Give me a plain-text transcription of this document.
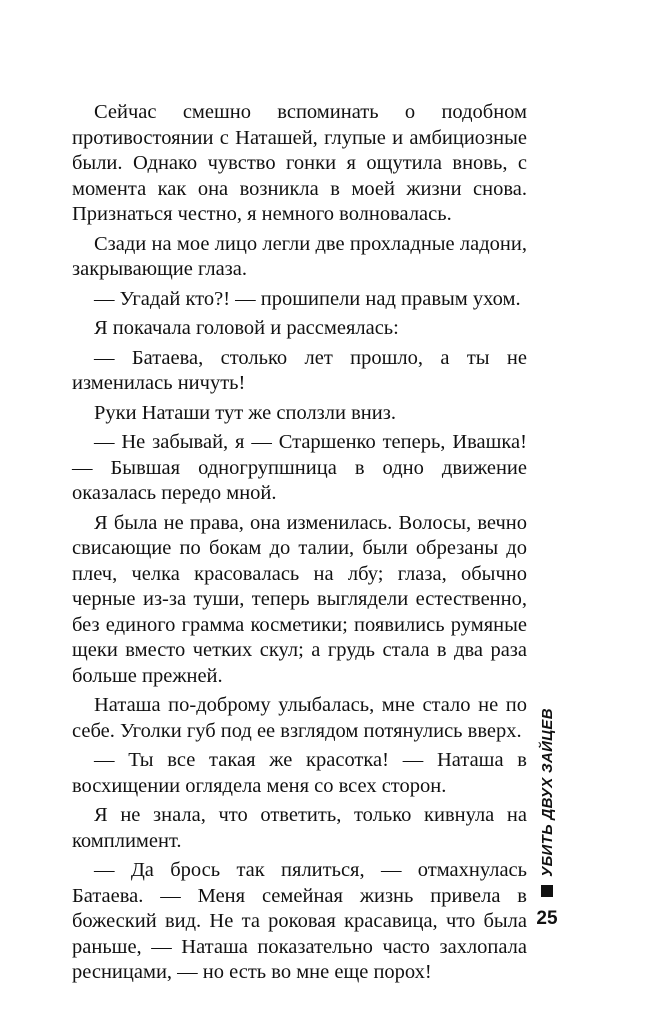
Сейчас смешно вспоминать о подобном противостоянии с Наташей, глупые и амбициозные были. Однако чувство гонки я ощутила вновь, с момента как она возникла в моей жизни снова. Признаться честно, я немного волновалась.

Сзади на мое лицо легли две прохладные ладони, закрывающие глаза.

— Угадай кто?! — прошипели над правым ухом.

Я покачала головой и рассмеялась:

— Батаева, столько лет прошло, а ты не изменилась ничуть!

Руки Наташи тут же сползли вниз.

— Не забывай, я — Старшенко теперь, Ивашка! — Бывшая одногрупшница в одно движение оказалась передо мной.

Я была не права, она изменилась. Волосы, вечно свисающие по бокам до талии, были обрезаны до плеч, челка красовалась на лбу; глаза, обычно черные из-за туши, теперь выглядели естественно, без единого грамма косметики; появились румяные щеки вместо четких скул; а грудь стала в два раза больше прежней.

Наташа по-доброму улыбалась, мне стало не по себе. Уголки губ под ее взглядом потянулись вверх.

— Ты все такая же красотка! — Наташа в восхищении оглядела меня со всех сторон.

Я не знала, что ответить, только кивнула на комплимент.

— Да брось так пялиться, — отмахнулась Батаева. — Меня семейная жизнь привела в божеский вид. Не та роковая красавица, что была раньше, — Наташа показательно часто захлопала ресницами, — но есть во мне еще порох!

УБИТЬ ДВУХ ЗАЙЦЕВ
25
